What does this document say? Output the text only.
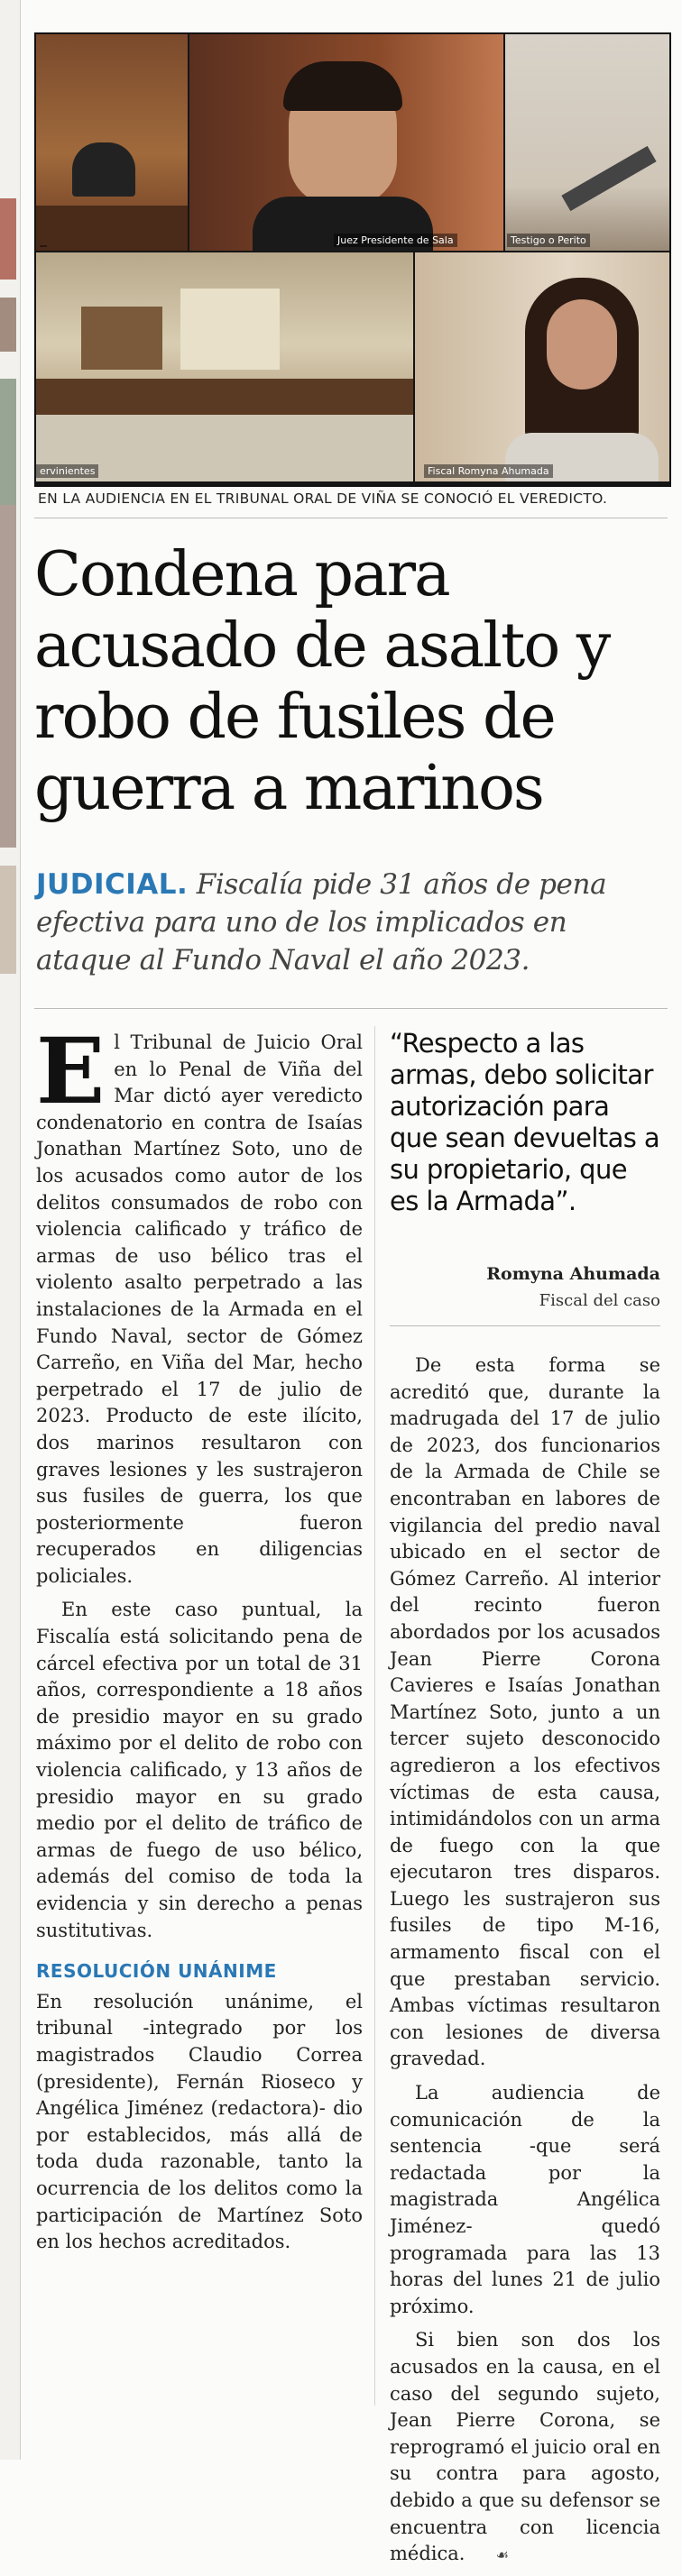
Juez Presidente de Sala	Testigo o Perito
ervinientes	Fiscal Romyna Ahumada
EN LA AUDIENCIA EN EL TRIBUNAL ORAL DE VIÑA SE CONOCIÓ EL VEREDICTO.
Condena para acusado de asalto y robo de fusiles de guerra a marinos
JUDICIAL. Fiscalía pide 31 años de pena efectiva para uno de los implicados en ataque al Fundo Naval el año 2023.

El Tribunal de Juicio Oral en lo Penal de Viña del Mar dictó ayer veredicto condenatorio en contra de Isaías Jonathan Martínez Soto, uno de los acusados como autor de los delitos consumados de robo con violencia calificado y tráfico de armas de uso bélico tras el violento asalto perpetrado a las instalaciones de la Armada en el Fundo Naval, sector de Gómez Carreño, en Viña del Mar, hecho perpetrado el 17 de julio de 2023. Producto de este ilícito, dos marinos resultaron con graves lesiones y les sustrajeron sus fusiles de guerra, los que posteriormente fueron recuperados en diligencias policiales.

En este caso puntual, la Fiscalía está solicitando pena de cárcel efectiva por un total de 31 años, correspondiente a 18 años de presidio mayor en su grado máximo por el delito de robo con violencia calificado, y 13 años de presidio mayor en su grado medio por el delito de tráfico de armas de fuego de uso bélico, además del comiso de toda la evidencia y sin derecho a penas sustitutivas.

RESOLUCIÓN UNÁNIME

En resolución unánime, el tribunal -integrado por los magistrados Claudio Correa (presidente), Fernán Rioseco y Angélica Jiménez (redactora)- dio por establecidos, más allá de toda duda razonable, tanto la ocurrencia de los delitos como la participación de Martínez Soto en los hechos acreditados.

“Respecto a las armas, debo solicitar autorización para que sean devueltas a su propietario, que es la Armada”.
Romyna Ahumada
Fiscal del caso

De esta forma se acreditó que, durante la madrugada del 17 de julio de 2023, dos funcionarios de la Armada de Chile se encontraban en labores de vigilancia del predio naval ubicado en el sector de Gómez Carreño. Al interior del recinto fueron abordados por los acusados Jean Pierre Corona Cavieres e Isaías Jonathan Martínez Soto, junto a un tercer sujeto desconocido agredieron a los efectivos víctimas de esta causa, intimidándolos con un arma de fuego con la que ejecutaron tres disparos. Luego les sustrajeron sus fusiles de tipo M-16, armamento fiscal con el que prestaban servicio. Ambas víctimas resultaron con lesiones de diversa gravedad.

La audiencia de comunicación de la sentencia -que será redactada por la magistrada Angélica Jiménez- quedó programada para las 13 horas del lunes 21 de julio próximo.

Si bien son dos los acusados en la causa, en el caso del segundo sujeto, Jean Pierre Corona, se reprogramó el juicio oral en su contra para agosto, debido a que su defensor se encuentra con licencia médica. ☙
